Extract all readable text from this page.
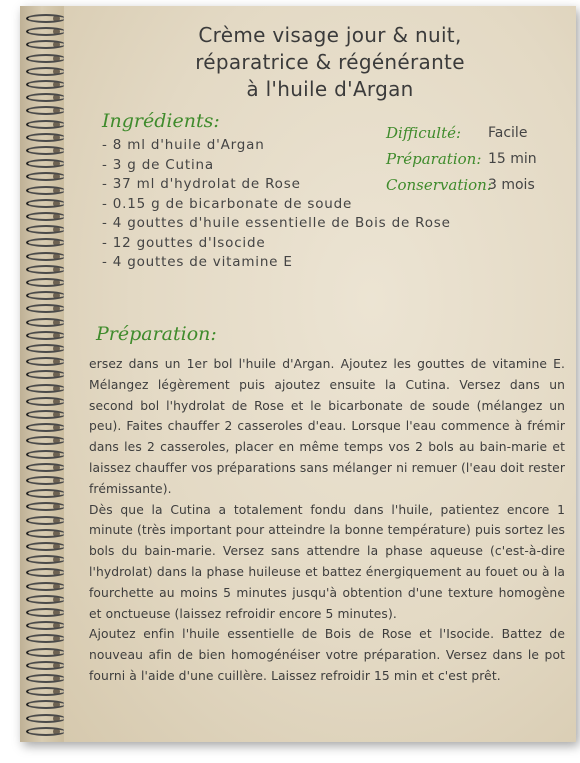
Crème visage jour & nuit,
réparatrice & régénérante
à l'huile d'Argan
Ingrédients:
- 8 ml d'huile d'Argan
- 3 g de Cutina
- 37 ml d'hydrolat de Rose
- 0.15 g de bicarbonate de soude
- 4 gouttes d'huile essentielle de Bois de Rose
- 12 gouttes d'Isocide
- 4 gouttes de vitamine E
Difficulté:	Facile
Préparation: 15 min
Conservation:
3 mois
Préparation:

ersez dans un 1er bol l'huile d'Argan. Ajoutez les gouttes de vitamine E. Mélangez légèrement puis ajoutez ensuite la Cutina. Versez dans un second bol l'hydrolat de Rose et le bicarbonate de soude (mélangez un peu). Faites chauffer 2 casseroles d'eau. Lorsque l'eau commence à frémir dans les 2 casseroles, placer en même temps vos 2 bols au bain-marie et laissez chauffer vos préparations sans mélanger ni remuer (l'eau doit rester frémissante).

Dès que la Cutina a totalement fondu dans l'huile, patientez encore 1 minute (très important pour atteindre la bonne température) puis sortez les bols du bain-marie. Versez sans attendre la phase aqueuse (c'est-à-dire l'hydrolat) dans la phase huileuse et battez énergiquement au fouet ou à la fourchette au moins 5 minutes jusqu'à obtention d'une texture homogène et onctueuse (laissez refroidir encore 5 minutes).

Ajoutez enfin l'huile essentielle de Bois de Rose et l'Isocide. Battez de nouveau afin de bien homogénéiser votre préparation. Versez dans le pot fourni à l'aide d'une cuillère. Laissez refroidir 15 min et c'est prêt.
